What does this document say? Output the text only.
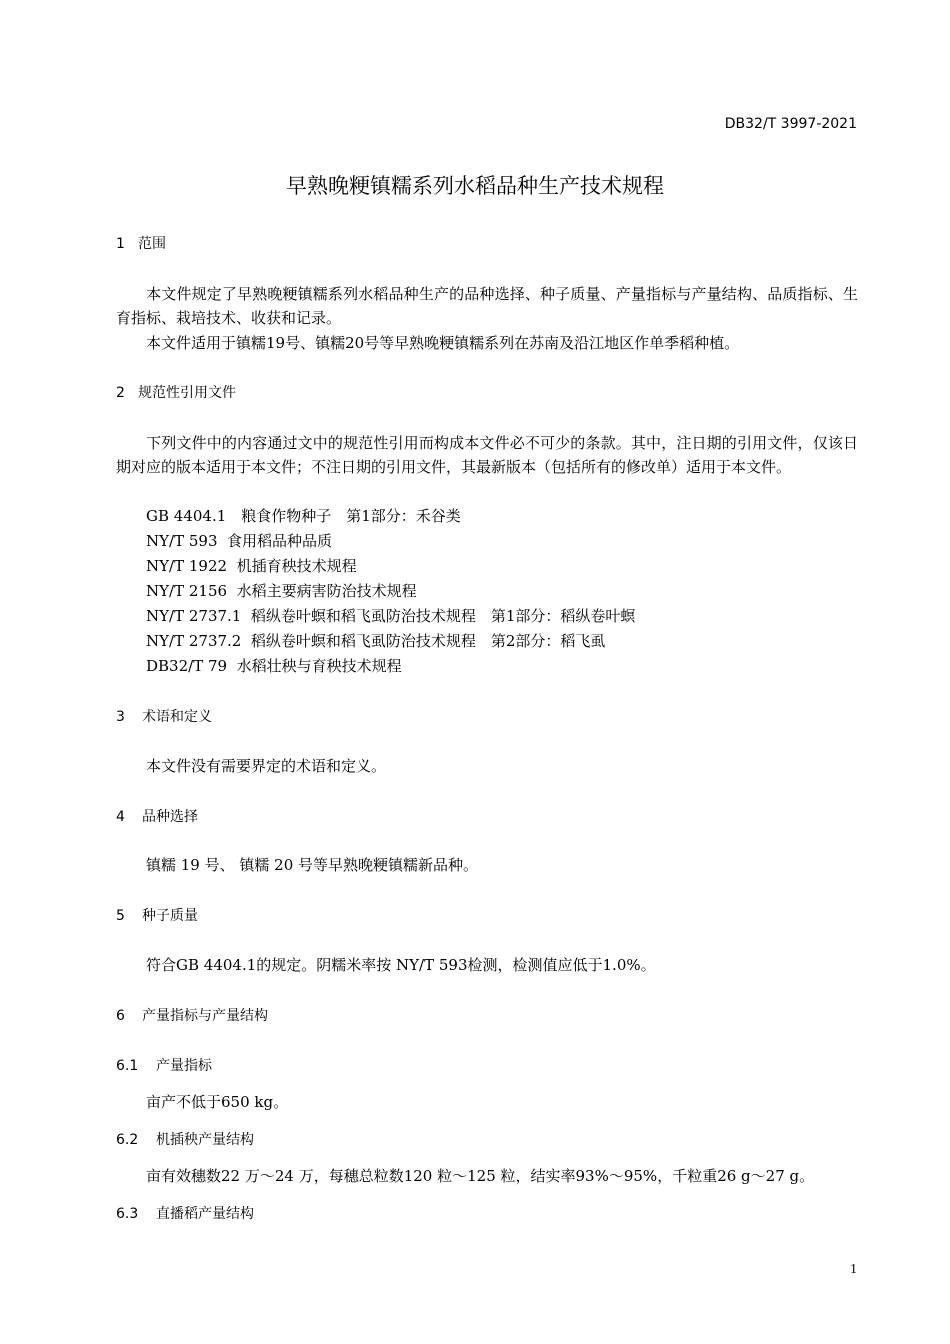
DB32/T 3997-2021
早熟晚粳镇糯系列水稻品种生产技术规程
1 范围
本文件规定了早熟晚粳镇糯系列水稻品种生产的品种选择、种子质量、产量指标与产量结构、品质指标、生育指标、栽培技术、收获和记录。
本文件适用于镇糯19号、镇糯20号等早熟晚粳镇糯系列在苏南及沿江地区作单季稻种植。
2 规范性引用文件
下列文件中的内容通过文中的规范性引用而构成本文件必不可少的条款。其中，注日期的引用文件，仅该日期对应的版本适用于本文件；不注日期的引用文件，其最新版本（包括所有的修改单）适用于本文件。
GB 4404.1　粮食作物种子　第1部分：禾谷类
NY/T 593  食用稻品种品质
NY/T 1922  机插育秧技术规程
NY/T 2156  水稻主要病害防治技术规程
NY/T 2737.1  稻纵卷叶螟和稻飞虱防治技术规程　第1部分：稻纵卷叶螟
NY/T 2737.2  稻纵卷叶螟和稻飞虱防治技术规程　第2部分：稻飞虱
DB32/T 79  水稻壮秧与育秧技术规程
3 术语和定义
本文件没有需要界定的术语和定义。
4 品种选择
镇糯 19 号、 镇糯 20 号等早熟晚粳镇糯新品种。
5 种子质量
符合GB 4404.1的规定。阴糯米率按 NY/T 593检测，检测值应低于1.0%。
6 产量指标与产量结构
6.1 产量指标
亩产不低于650 kg。
6.2 机插秧产量结构
亩有效穗数22 万～24 万，每穗总粒数120 粒～125 粒，结实率93%～95%，千粒重26 g～27 g。
6.3 直播稻产量结构
1
